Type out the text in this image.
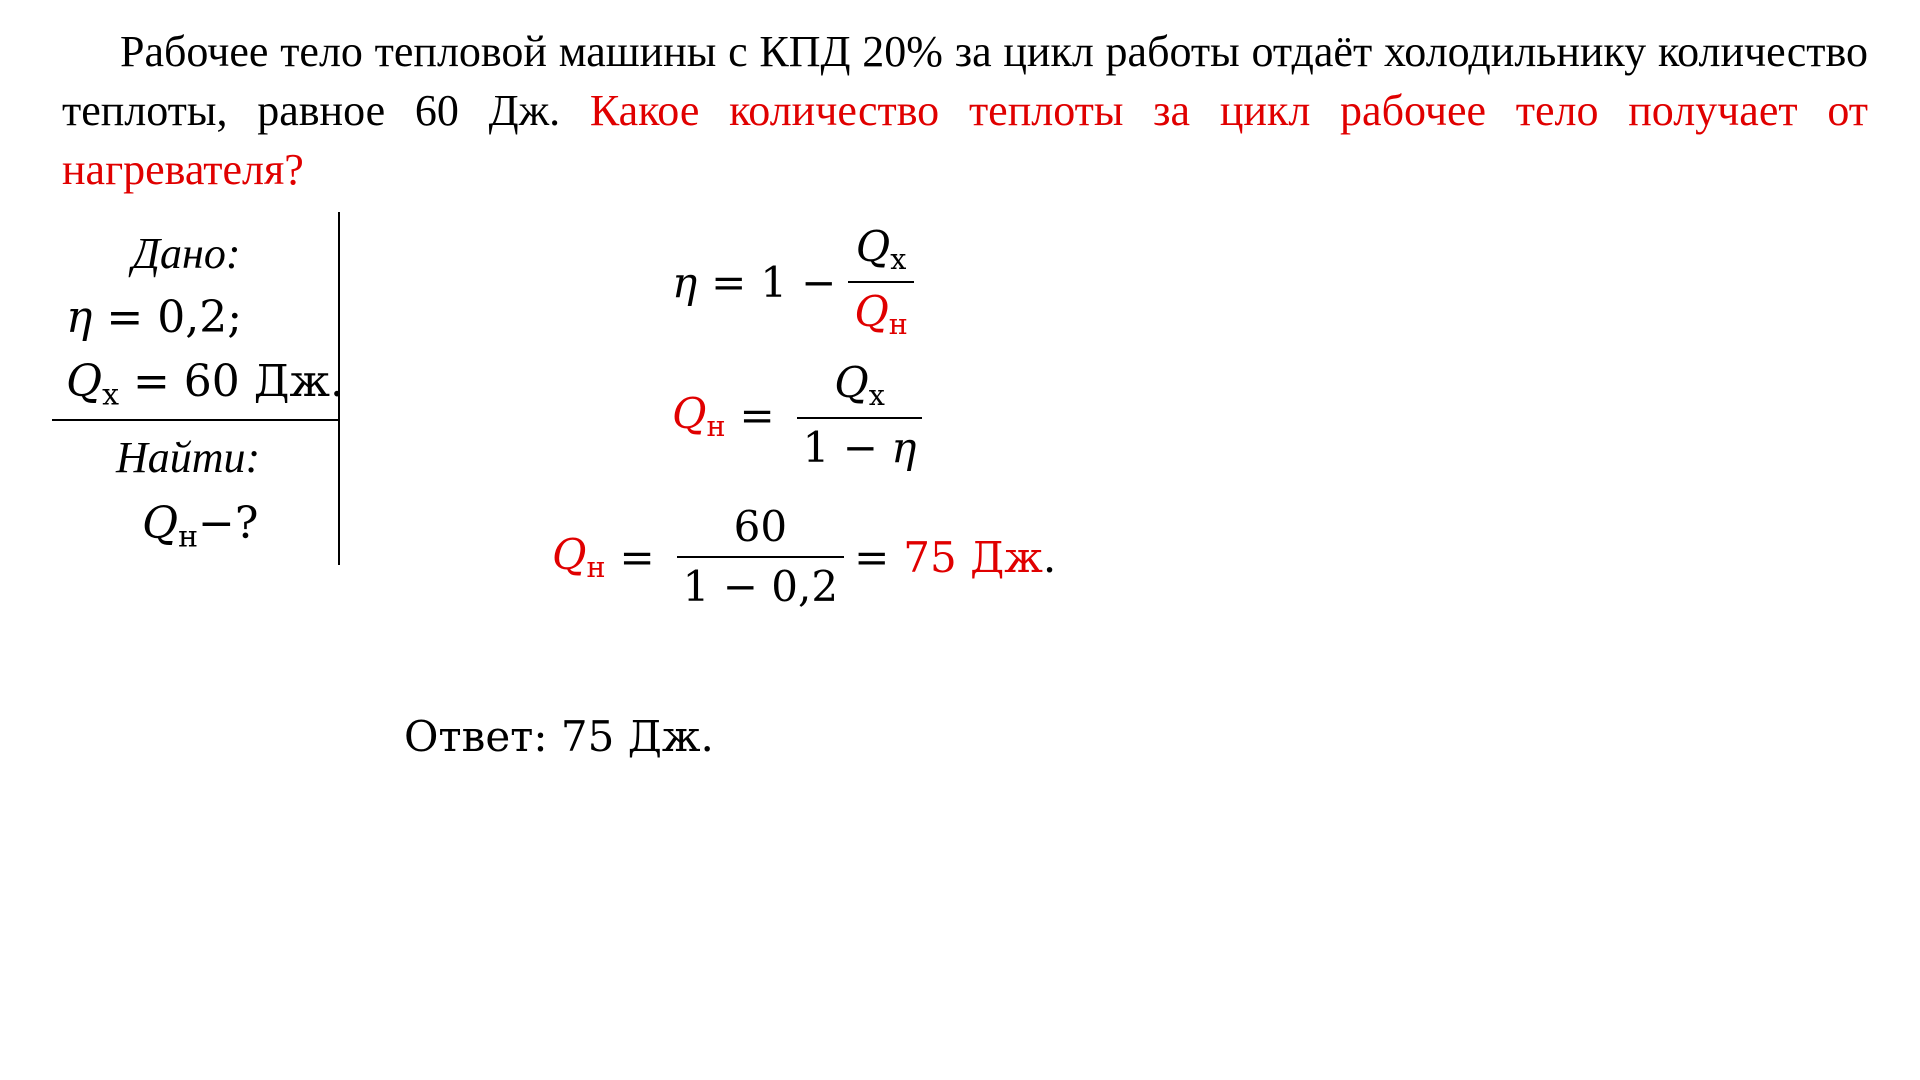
Рабочее тело тепловой машины с КПД 20% за цикл работы отдаёт холодильнику количество теплоты, равное 60 Дж. Какое количество теплоты за цикл рабочее тело получает от нагревателя?

Дано:
η = 0,2;
$Q_х = 60$ Дж.
Найти:
$Q_н-$?
$\eta = 1 - \frac{Q_х}{Q_н}$
$Q_н = \frac{Q_х}{1 - \eta}$
$Q_н = \frac{60}{1 - 0,2} = 75$ Дж .
Ответ: 75 Дж.
